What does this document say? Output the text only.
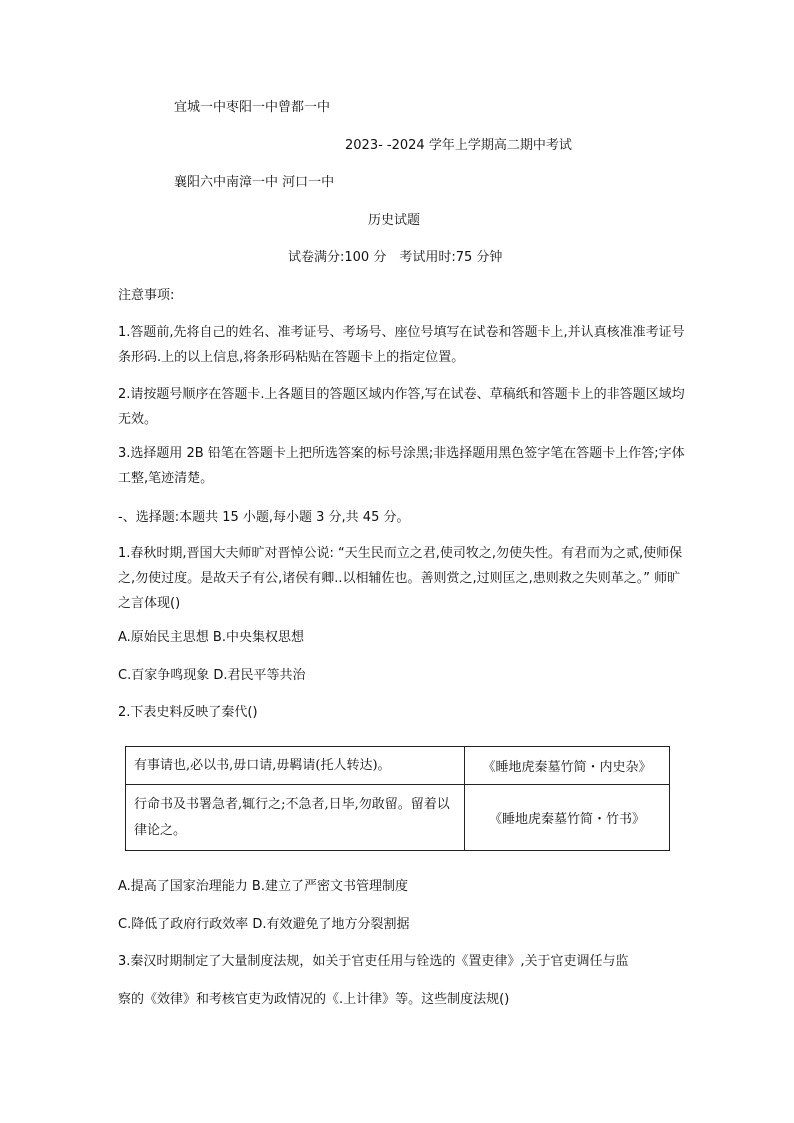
宜城一中枣阳一中曾都一中
2023- -2024 学年上学期高二期中考试
襄阳六中南漳一中 河口一中
历史试题
试卷满分:100 分　考试用时:75 分钟
注意事项:
1.答题前,先将自己的姓名、准考证号、考场号、座位号填写在试卷和答题卡上,并认真核准准考证号条形码.上的以上信息,将条形码粘贴在答题卡上的指定位置。
2.请按题号顺序在答题卡.上各题目的答题区域内作答,写在试卷、草稿纸和答题卡上的非答题区域均无效。
3.选择题用 2B 铅笔在答题卡上把所选答案的标号涂黑;非选择题用黑色签字笔在答题卡上作答;字体工整,笔迹清楚。
-、选择题:本题共 15 小题,每小题 3 分,共 45 分。
1.春秋时期,晋国大夫师旷对晋悼公说: “天生民而立之君,使司牧之,勿使失性。有君而为之贰,使师保之,勿使过度。是故天子有公,诸侯有卿..以相辅佐也。善则赏之,过则匡之,患则救之失则革之。” 师旷之言体现()
A.原始民主思想 B.中央集权思想
C.百家争鸣现象 D.君民平等共治
2.下表史料反映了秦代()
有事请也,必以书,毋口请,毋羁请(托人转达)。	《睡地虎秦墓竹简・内史杂》
行命书及书署急者,辄行之;不急者,日毕,勿敢留。留着以律论之。	《睡地虎秦墓竹简・竹书》
A.提高了国家治理能力 B.建立了严密文书管理制度
C.降低了政府行政效率 D.有效避免了地方分裂割据
3.秦汉时期制定了大量制度法规，如关于官吏任用与铨选的《置吏律》,关于官吏调任与监
察的《效律》和考核官吏为政情况的《.上计律》等。这些制度法规()
